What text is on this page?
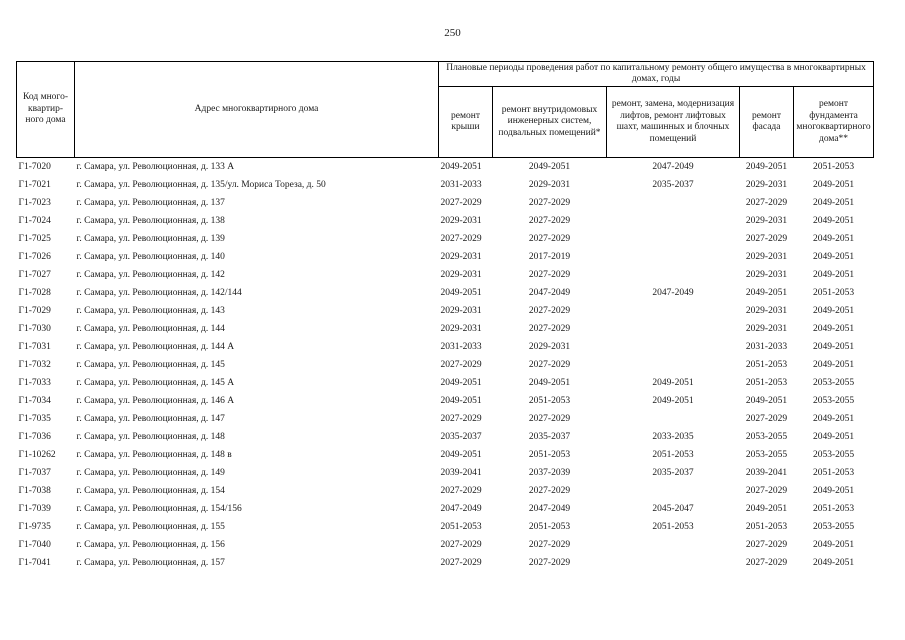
250
Код много-
квартир-
ного дома	Адрес многоквартирного дома	Плановые периоды проведения работ по капитальному ремонту общего имущества в многоквартирных домах, годы				
		ремонт крыши	ремонт внутридомовых инженерных систем, подвальных помещений*	ремонт, замена, модернизация лифтов, ремонт лифтовых шахт, машинных и блочных помещений	ремонт фасада	ремонт фундамента многоквартирного дома**
Г1-7020	г. Самара, ул. Революционная, д. 133 А	2049-2051	2049-2051	2047-2049	2049-2051	2051-2053
Г1-7021	г. Самара, ул. Революционная, д. 135/ул. Мориса Тореза, д. 50	2031-2033	2029-2031	2035-2037	2029-2031	2049-2051
Г1-7023	г. Самара, ул. Революционная, д. 137	2027-2029	2027-2029		2027-2029	2049-2051
Г1-7024	г. Самара, ул. Революционная, д. 138	2029-2031	2027-2029		2029-2031	2049-2051
Г1-7025	г. Самара, ул. Революционная, д. 139	2027-2029	2027-2029		2027-2029	2049-2051
Г1-7026	г. Самара, ул. Революционная, д. 140	2029-2031	2017-2019		2029-2031	2049-2051
Г1-7027	г. Самара, ул. Революционная, д. 142	2029-2031	2027-2029		2029-2031	2049-2051
Г1-7028	г. Самара, ул. Революционная, д. 142/144	2049-2051	2047-2049	2047-2049	2049-2051	2051-2053
Г1-7029	г. Самара, ул. Революционная, д. 143	2029-2031	2027-2029		2029-2031	2049-2051
Г1-7030	г. Самара, ул. Революционная, д. 144	2029-2031	2027-2029		2029-2031	2049-2051
Г1-7031	г. Самара, ул. Революционная, д. 144 А	2031-2033	2029-2031		2031-2033	2049-2051
Г1-7032	г. Самара, ул. Революционная, д. 145	2027-2029	2027-2029		2051-2053	2049-2051
Г1-7033	г. Самара, ул. Революционная, д. 145 А	2049-2051	2049-2051	2049-2051	2051-2053	2053-2055
Г1-7034	г. Самара, ул. Революционная, д. 146 А	2049-2051	2051-2053	2049-2051	2049-2051	2053-2055
Г1-7035	г. Самара, ул. Революционная, д. 147	2027-2029	2027-2029		2027-2029	2049-2051
Г1-7036	г. Самара, ул. Революционная, д. 148	2035-2037	2035-2037	2033-2035	2053-2055	2049-2051
Г1-10262	г. Самара, ул. Революционная, д. 148 в	2049-2051	2051-2053	2051-2053	2053-2055	2053-2055
Г1-7037	г. Самара, ул. Революционная, д. 149	2039-2041	2037-2039	2035-2037	2039-2041	2051-2053
Г1-7038	г. Самара, ул. Революционная, д. 154	2027-2029	2027-2029		2027-2029	2049-2051
Г1-7039	г. Самара, ул. Революционная, д. 154/156	2047-2049	2047-2049	2045-2047	2049-2051	2051-2053
Г1-9735	г. Самара, ул. Революционная, д. 155	2051-2053	2051-2053	2051-2053	2051-2053	2053-2055
Г1-7040	г. Самара, ул. Революционная, д. 156	2027-2029	2027-2029		2027-2029	2049-2051
Г1-7041	г. Самара, ул. Революционная, д. 157	2027-2029	2027-2029		2027-2029	2049-2051
